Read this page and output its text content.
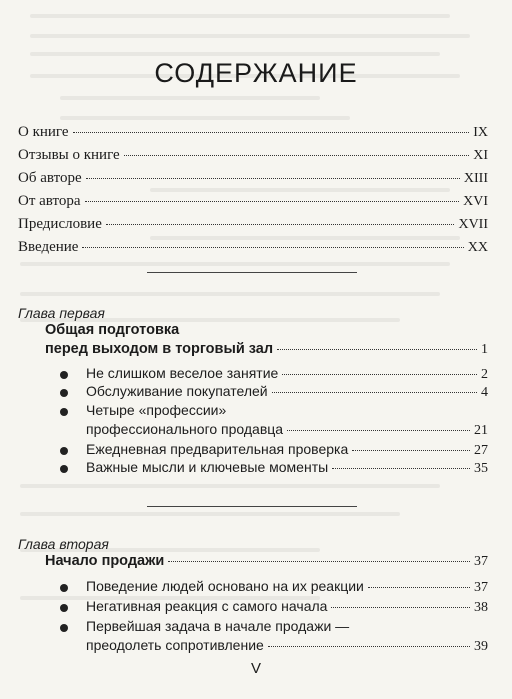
СОДЕРЖАНИЕ
О книге	IX
Отзывы о книге	XI
Об авторе	XIII
От автора	XVI
Предисловие	XVII
Введение	XX
Глава первая
Общая подготовка
перед выходом в торговый зал	1
Не слишком веселое занятие	2
Обслуживание покупателей	4
Четыре «профессии»
профессионального продавца	21
Ежедневная предварительная проверка	27
Важные мысли и ключевые моменты	35
Глава вторая
Начало продажи	37
Поведение людей основано на их реакции	37
Негативная реакция с самого начала	38
Первейшая задача в начале продажи —
преодолеть сопротивление	39
V
